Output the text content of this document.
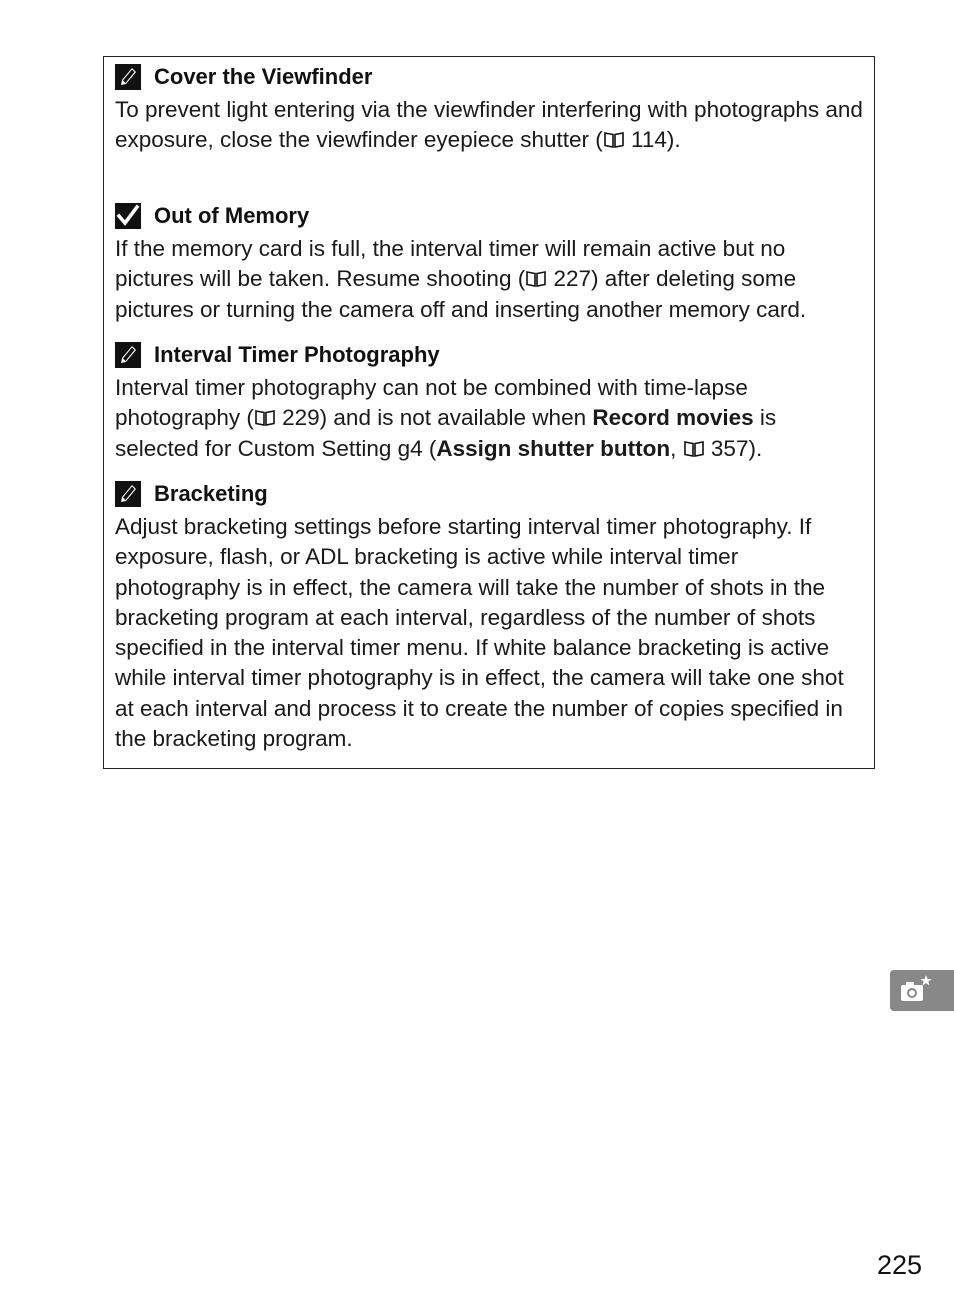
Cover the Viewfinder
To prevent light entering via the viewfinder interfering with photographs and exposure, close the viewfinder eyepiece shutter ( 114).
Out of Memory
If the memory card is full, the interval timer will remain active but no pictures will be taken. Resume shooting ( 227) after deleting some pictures or turning the camera off and inserting another memory card.
Interval Timer Photography
Interval timer photography can not be combined with time-lapse photography ( 229) and is not available when Record movies is selected for Custom Setting g4 (Assign shutter button,
357).
Bracketing
Adjust bracketing settings before starting interval timer photography. If exposure, flash, or ADL bracketing is active while interval timer photography is in effect, the camera will take the number of shots in the bracketing program at each interval, regardless of the number of shots specified in the interval timer menu. If white balance bracketing is active while interval timer photography is in effect, the camera will take one shot at each interval and process it to create the number of copies specified in the bracketing program.
225
